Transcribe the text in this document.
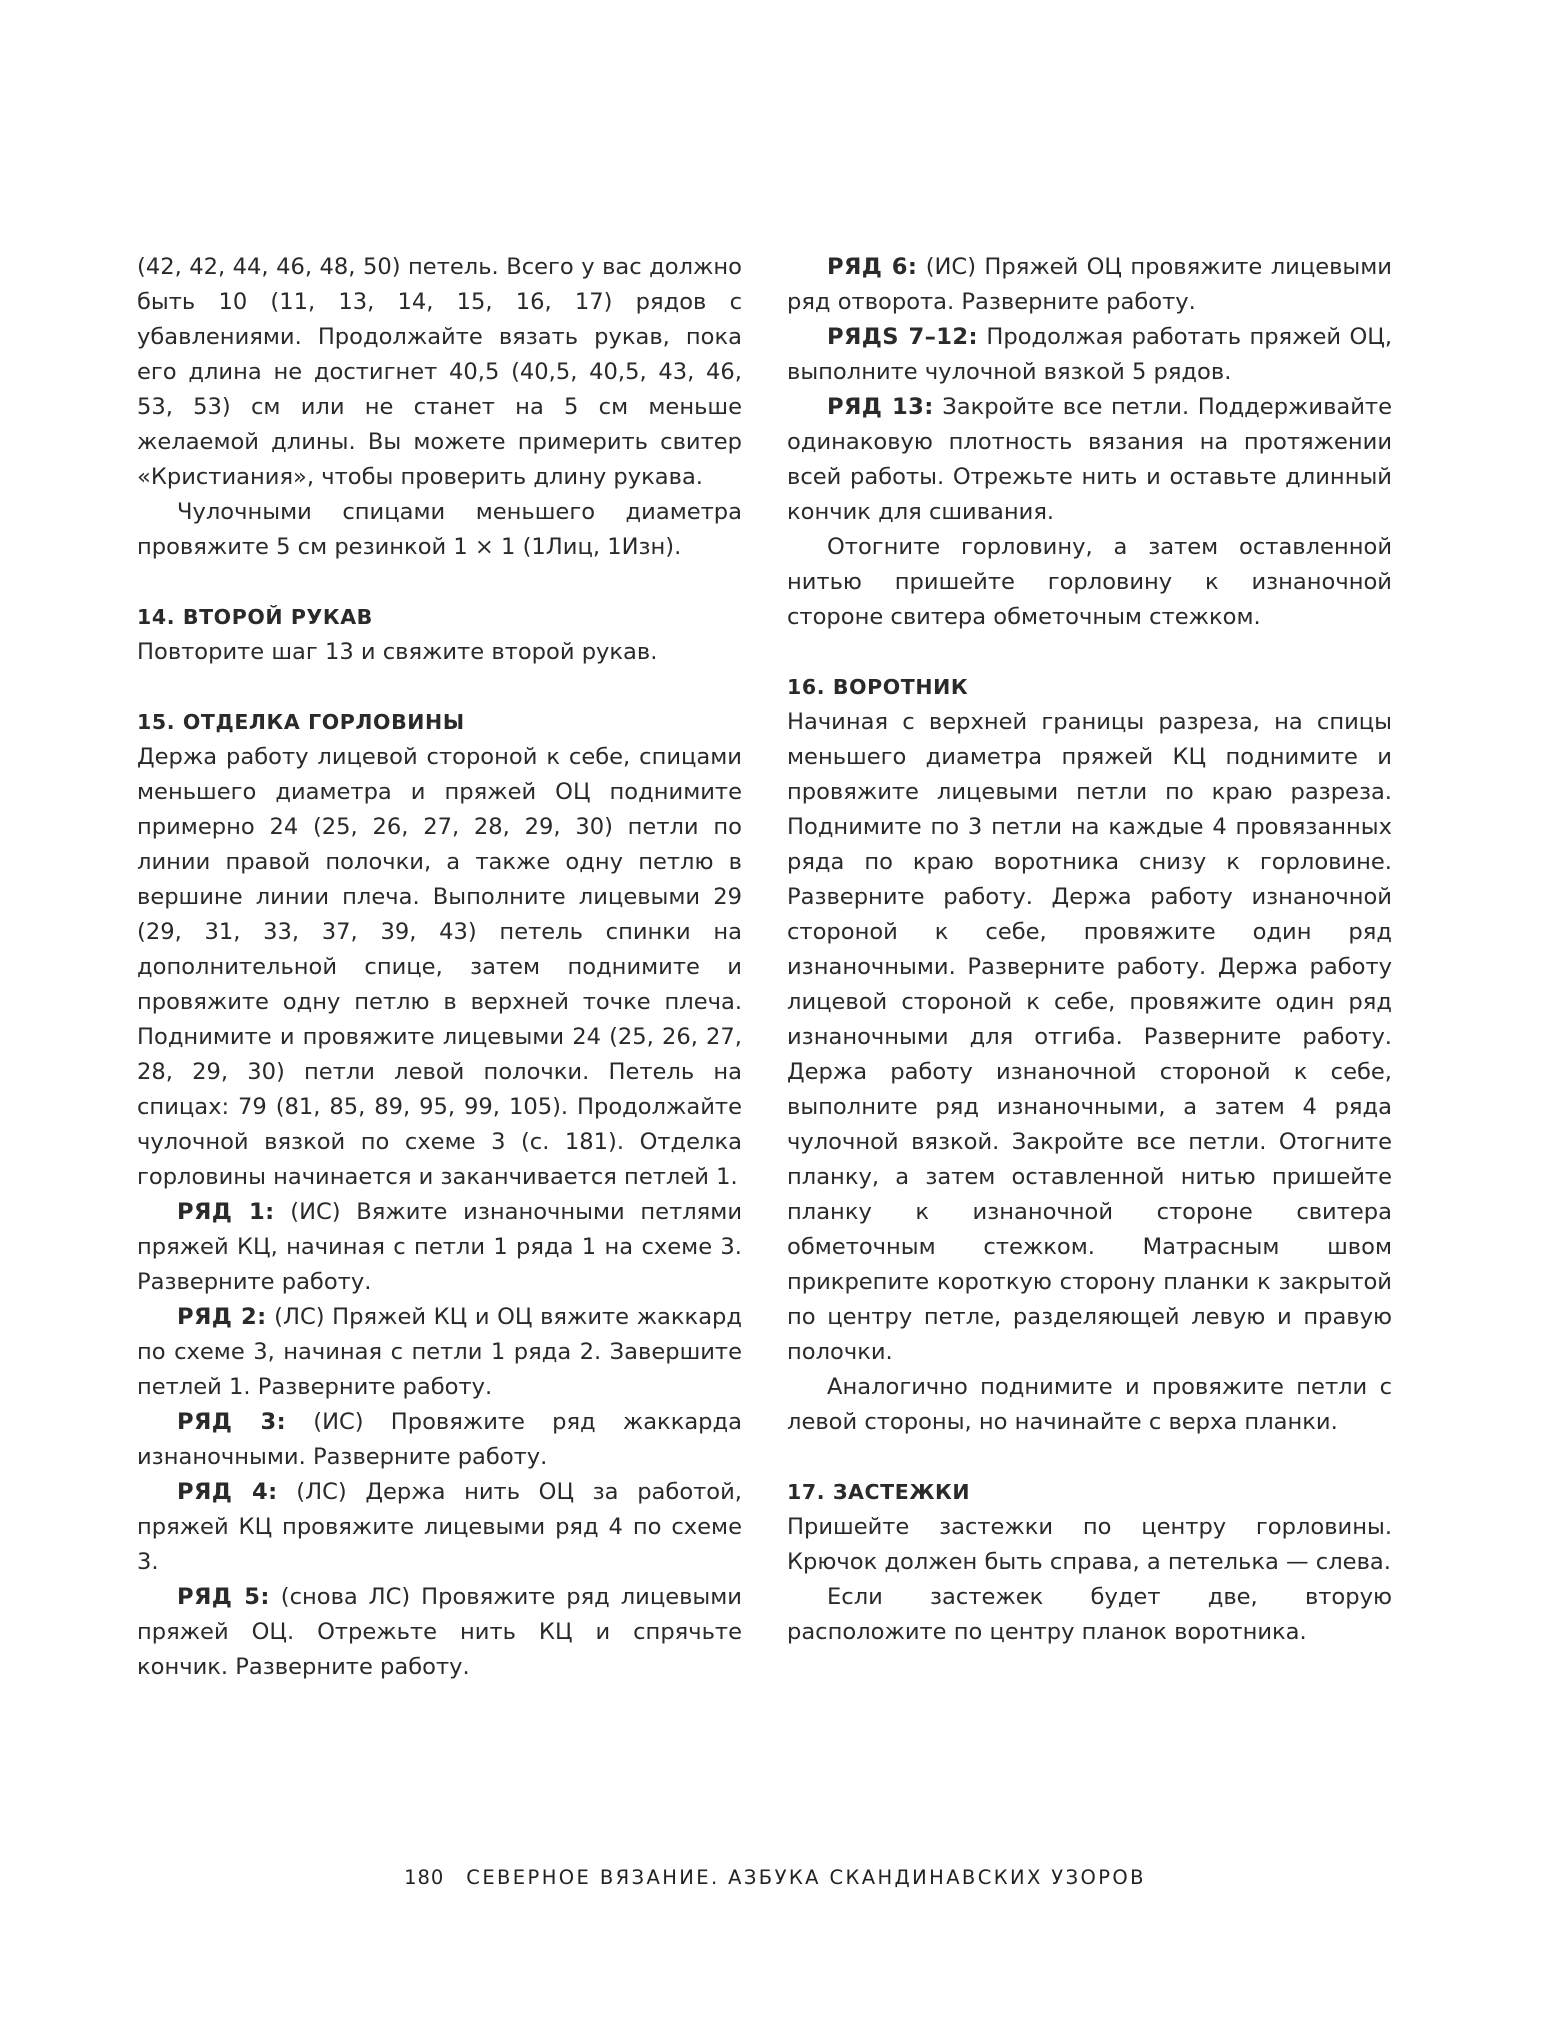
(42, 42, 44, 46, 48, 50) петель. Всего у вас должно быть 10 (11, 13, 14, 15, 16, 17) рядов с убавлениями. Продолжайте вязать рукав, пока его длина не достигнет 40,5 (40,5, 40,5, 43, 46, 53, 53) см или не станет на 5 см меньше желаемой длины. Вы можете примерить свитер «Кристиания», чтобы проверить длину рукава.

Чулочными спицами меньшего диаметра провяжите 5 см резинкой 1 × 1 (1Лиц, 1Изн).

14. ВТОРОЙ РУКАВ

Повторите шаг 13 и свяжите второй рукав.

15. ОТДЕЛКА ГОРЛОВИНЫ

Держа работу лицевой стороной к себе, спицами меньшего диаметра и пряжей ОЦ поднимите примерно 24 (25, 26, 27, 28, 29, 30) петли по линии правой полочки, а также одну петлю в вершине линии плеча. Выполните лицевыми 29 (29, 31, 33, 37, 39, 43) петель спинки на дополнительной спице, затем поднимите и провяжите одну петлю в верхней точке плеча. Поднимите и провяжите лицевыми 24 (25, 26, 27, 28, 29, 30) петли левой полочки. Петель на спицах: 79 (81, 85, 89, 95, 99, 105). Продолжайте чулочной вязкой по схеме 3 (с. 181). Отделка горловины начинается и заканчивается петлей 1.

РЯД 1: (ИС) Вяжите изнаночными петлями пряжей КЦ, начиная с петли 1 ряда 1 на схеме 3. Разверните работу.

РЯД 2: (ЛС) Пряжей КЦ и ОЦ вяжите жаккард по схеме 3, начиная с петли 1 ряда 2. Завершите петлей 1. Разверните работу.

РЯД 3: (ИС) Провяжите ряд жаккарда изнаночными. Разверните работу.

РЯД 4: (ЛС) Держа нить ОЦ за работой, пряжей КЦ провяжите лицевыми ряд 4 по схеме 3.

РЯД 5: (снова ЛС) Провяжите ряд лицевыми пряжей ОЦ. Отрежьте нить КЦ и спрячьте кончик. Разверните работу.

РЯД 6: (ИС) Пряжей ОЦ провяжите лицевыми ряд отворота. Разверните работу.

РЯДS 7–12: Продолжая работать пряжей ОЦ, выполните чулочной вязкой 5 рядов.

РЯД 13: Закройте все петли. Поддерживайте одинаковую плотность вязания на протяжении всей работы. Отрежьте нить и оставьте длинный кончик для сшивания.

Отогните горловину, а затем оставленной нитью пришейте горловину к изнаночной стороне свитера обметочным стежком.

16. ВОРОТНИК

Начиная с верхней границы разреза, на спицы меньшего диаметра пряжей КЦ поднимите и провяжите лицевыми петли по краю разреза. Поднимите по 3 петли на каждые 4 провязанных ряда по краю воротника снизу к горловине. Разверните работу. Держа работу изнаночной стороной к себе, провяжите один ряд изнаночными. Разверните работу. Держа работу лицевой стороной к себе, провяжите один ряд изнаночными для отгиба. Разверните работу. Держа работу изнаночной стороной к себе, выполните ряд изнаночными, а затем 4 ряда чулочной вязкой. Закройте все петли. Отогните планку, а затем оставленной нитью пришейте планку к изнаночной стороне свитера обметочным стежком. Матрасным швом прикрепите короткую сторону планки к закрытой по центру петле, разделяющей левую и правую полочки.

Аналогично поднимите и провяжите петли с левой стороны, но начинайте с верха планки.

17. ЗАСТЕЖКИ

Пришейте застежки по центру горловины. Крючок должен быть справа, а петелька — слева.

Если застежек будет две, вторую расположите по центру планок воротника.

180 СЕВЕРНОЕ ВЯЗАНИЕ. АЗБУКА СКАНДИНАВСКИХ УЗОРОВ
